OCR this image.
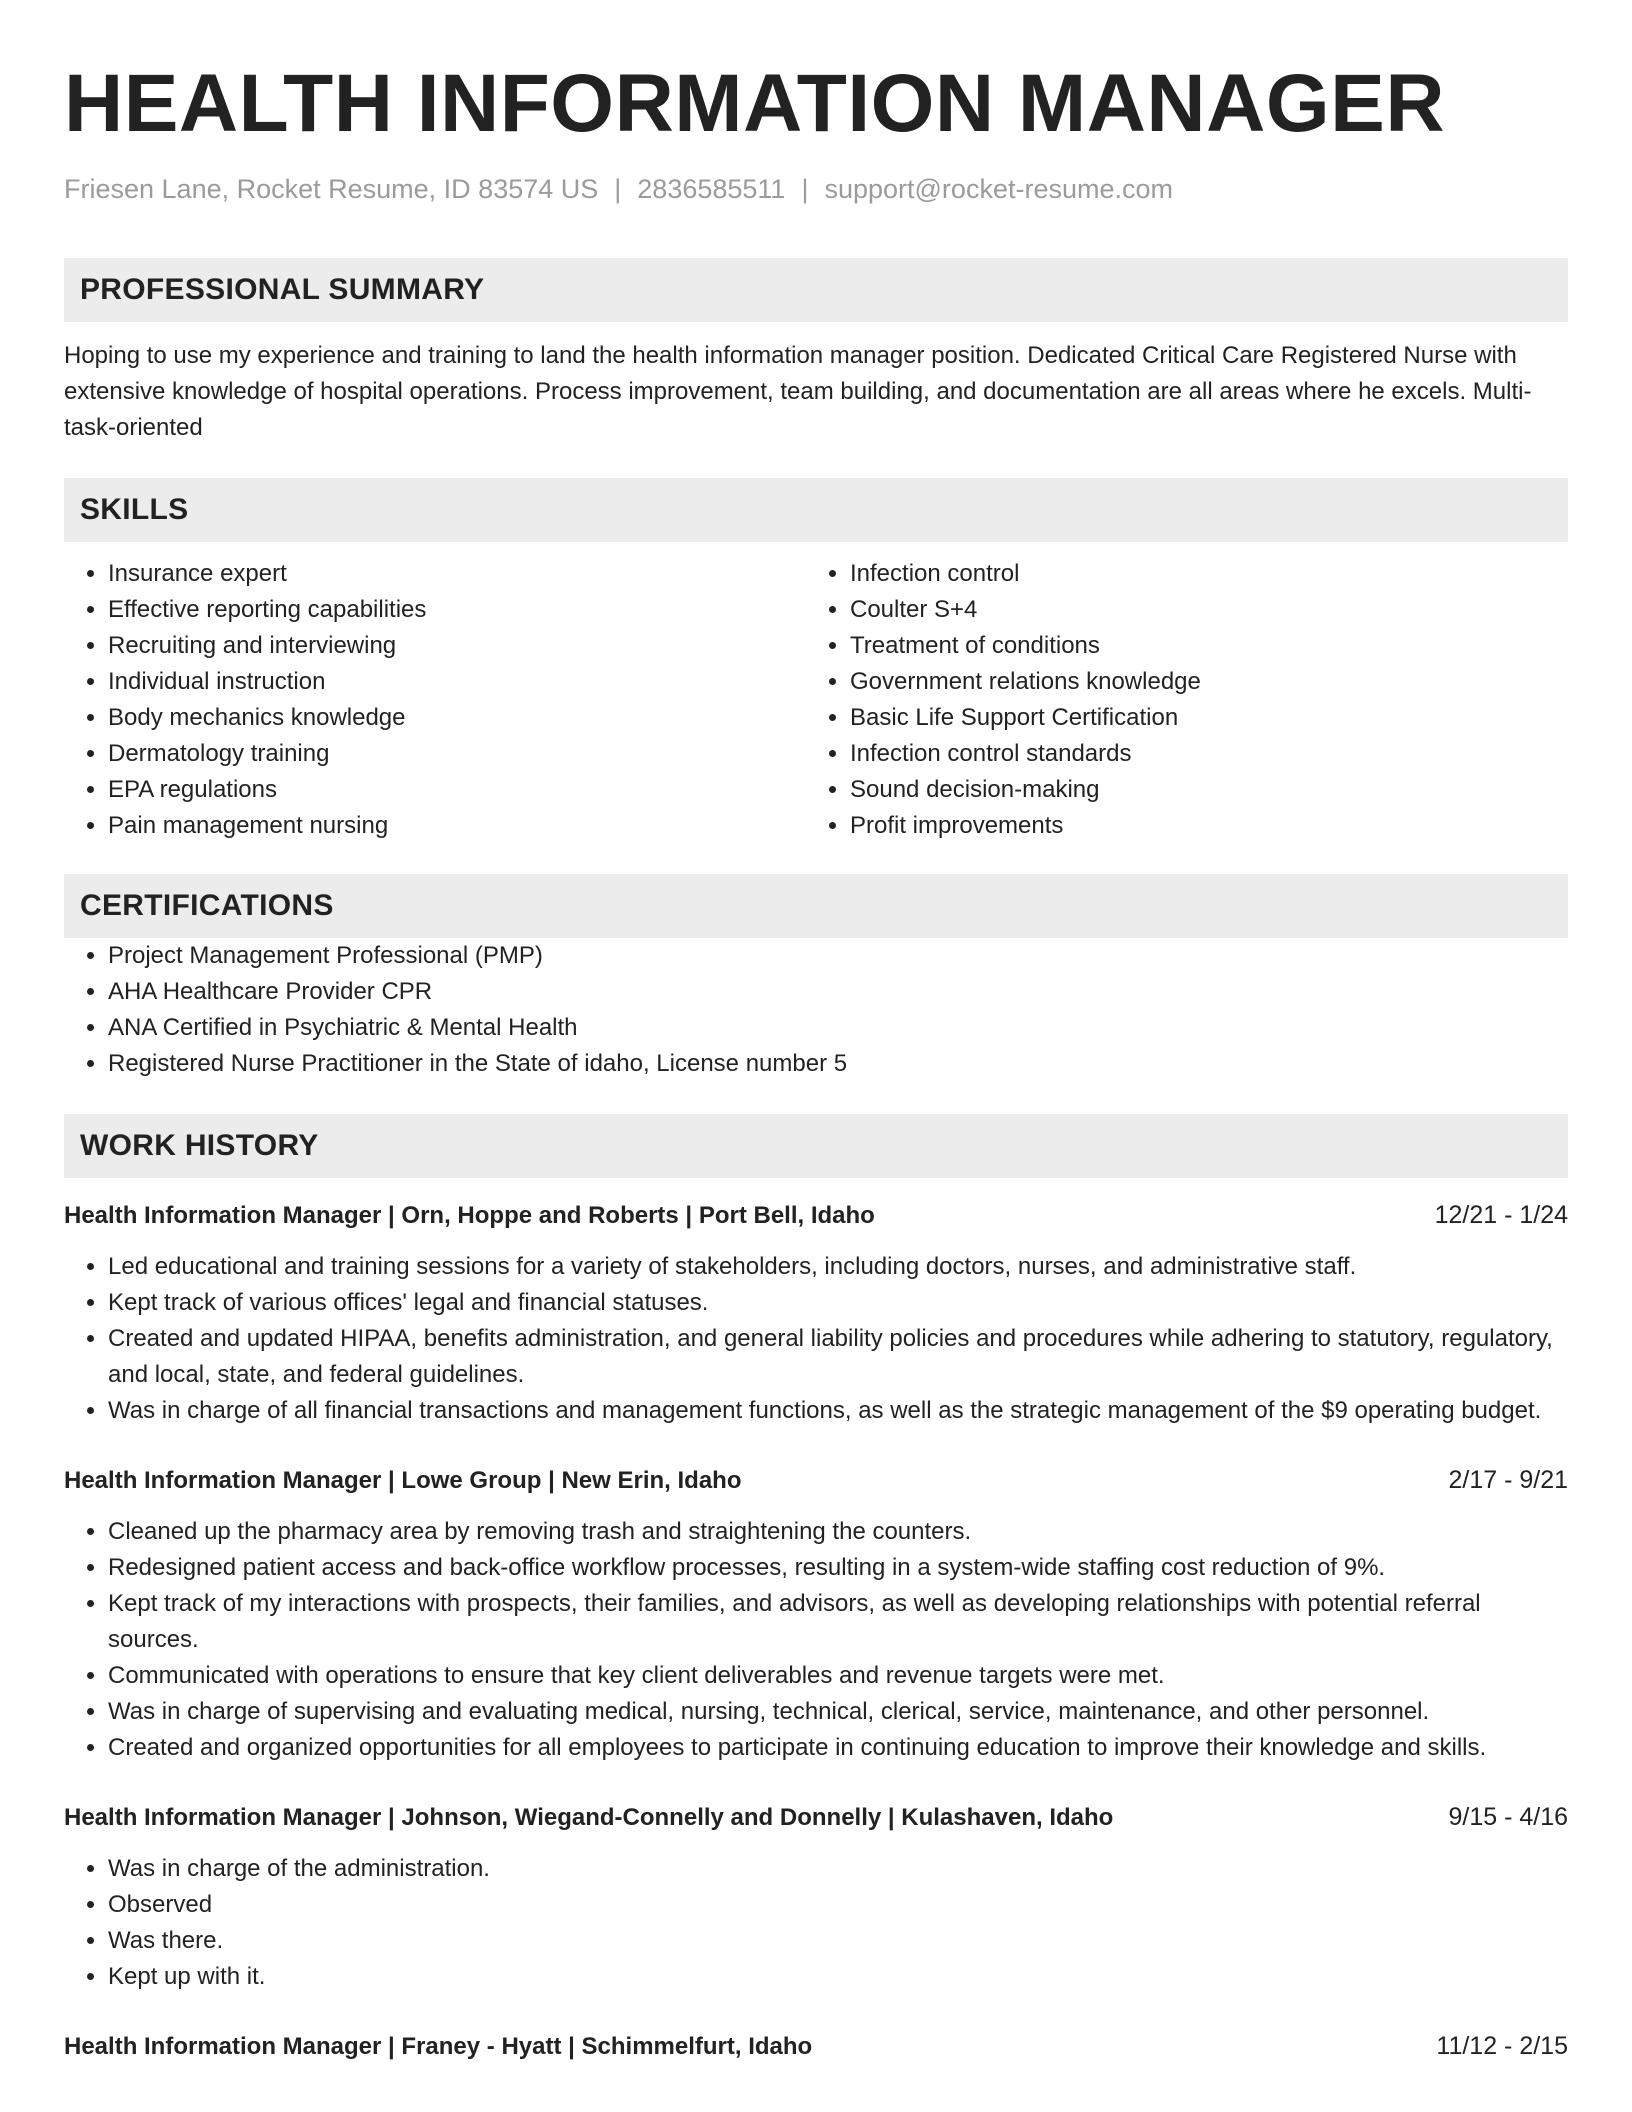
HEALTH INFORMATION MANAGER
Friesen Lane, Rocket Resume, ID 83574 US | 2836585511 | support@rocket-resume.com
PROFESSIONAL SUMMARY

Hoping to use my experience and training to land the health information manager position. Dedicated Critical Care Registered Nurse with extensive knowledge of hospital operations. Process improvement, team building, and documentation are all areas where he excels. Multi-task-oriented

SKILLS
• Insurance expert
• Effective reporting capabilities
• Recruiting and interviewing
• Individual instruction
• Body mechanics knowledge
• Dermatology training
• EPA regulations
• Pain management nursing
• Infection control
• Coulter S+4
• Treatment of conditions
• Government relations knowledge
• Basic Life Support Certification
• Infection control standards
• Sound decision-making
• Profit improvements
CERTIFICATIONS
• Project Management Professional (PMP)
• AHA Healthcare Provider CPR
• ANA Certified in Psychiatric & Mental Health
• Registered Nurse Practitioner in the State of idaho, License number 5
WORK HISTORY
Health Information Manager | Orn, Hoppe and Roberts | Port Bell, Idaho	12/21 - 1/24
• Led educational and training sessions for a variety of stakeholders, including doctors, nurses, and administrative staff.
• Kept track of various offices' legal and financial statuses.
• Created and updated HIPAA, benefits administration, and general liability policies and procedures while adhering to statutory, regulatory, and local, state, and federal guidelines.
• Was in charge of all financial transactions and management functions, as well as the strategic management of the $9 operating budget.
Health Information Manager | Lowe Group | New Erin, Idaho	2/17 - 9/21
• Cleaned up the pharmacy area by removing trash and straightening the counters.
• Redesigned patient access and back-office workflow processes, resulting in a system-wide staffing cost reduction of 9%.
• Kept track of my interactions with prospects, their families, and advisors, as well as developing relationships with potential referral sources.
• Communicated with operations to ensure that key client deliverables and revenue targets were met.
• Was in charge of supervising and evaluating medical, nursing, technical, clerical, service, maintenance, and other personnel.
• Created and organized opportunities for all employees to participate in continuing education to improve their knowledge and skills.
Health Information Manager | Johnson, Wiegand-Connelly and Donnelly | Kulashaven, Idaho	9/15 - 4/16
• Was in charge of the administration.
• Observed
• Was there.
• Kept up with it.
Health Information Manager | Franey - Hyatt | Schimmelfurt, Idaho	11/12 - 2/15
